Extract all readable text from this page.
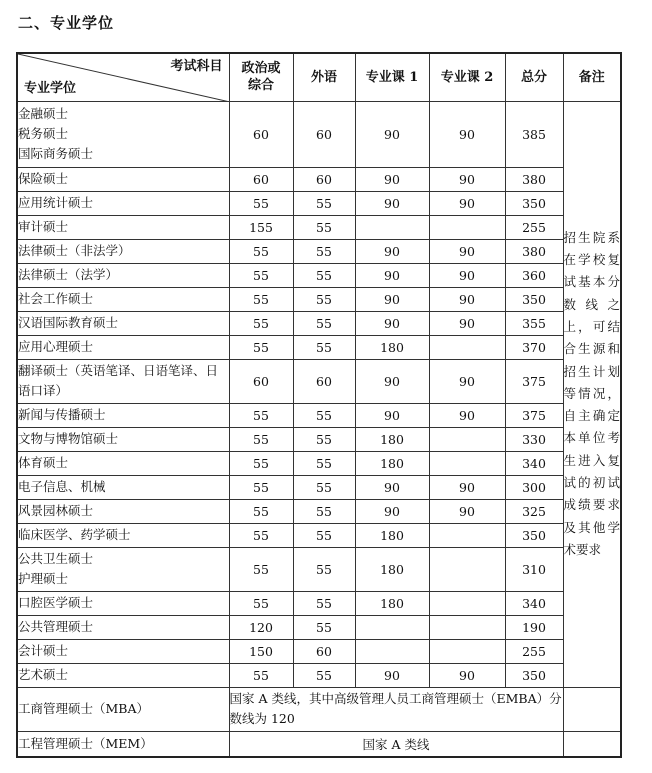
二、专业学位
考试科目
专业学位	政治或综合	外语	专业课 1	专业课 2	总分	备注
金融硕士
税务硕士
国际商务硕士	60	60	90	90	385	招生院系在学校复试基本分数线之上，可结合生源和招生计划等情况，自主确定本单位考生进入复试的初试成绩要求及其他学术要求
保险硕士	60	60	90	90	380	
应用统计硕士	55	55	90	90	350	
审计硕士	155	55			255	
法律硕士（非法学）	55	55	90	90	380	
法律硕士（法学）	55	55	90	90	360	
社会工作硕士	55	55	90	90	350	
汉语国际教育硕士	55	55	90	90	355	
应用心理硕士	55	55	180		370	
翻译硕士（英语笔译、日语笔译、日语口译）	60	60	90	90	375	
新闻与传播硕士	55	55	90	90	375	
文物与博物馆硕士	55	55	180		330	
体育硕士	55	55	180		340	
电子信息、机械	55	55	90	90	300	
风景园林硕士	55	55	90	90	325	
临床医学、药学硕士	55	55	180		350	
公共卫生硕士
护理硕士	55	55	180		310	
口腔医学硕士	55	55	180		340	
公共管理硕士	120	55			190	
会计硕士	150	60			255	
艺术硕士	55	55	90	90	350	
工商管理硕士（MBA）	国家 A 类线，其中高级管理人员工商管理硕士（EMBA）分数线为 120					
工程管理硕士（MEM）	国家 A 类线					
